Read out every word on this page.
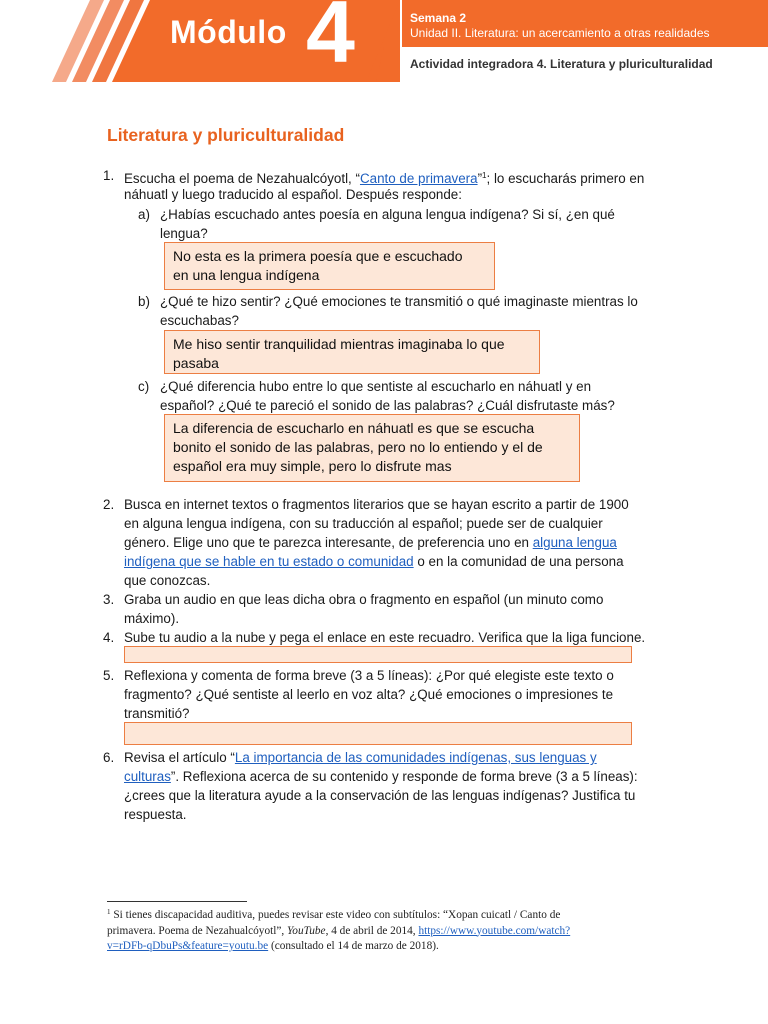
Módulo 4	Semana 2
Unidad II. Literatura: un acercamiento a otras realidades
Actividad integradora 4. Literatura y pluriculturalidad
Literatura y pluriculturalidad
1. Escucha el poema de Nezahualcóyotl, “Canto de primavera”$^1$; lo escucharás primero en
náhuatl y luego traducido al español. Después responde:
a) ¿Habías escuchado antes poesía en alguna lengua indígena? Si sí, ¿en qué
lengua?
No esta es la primera poesía que e escuchado
en una lengua indígena
b) ¿Qué te hizo sentir? ¿Qué emociones te transmitió o qué imaginaste mientras lo
escuchabas?
Me hiso sentir tranquilidad mientras imaginaba lo que
pasaba
c) ¿Qué diferencia hubo entre lo que sentiste al escucharlo en náhuatl y en
español? ¿Qué te pareció el sonido de las palabras? ¿Cuál disfrutaste más?
La diferencia de escucharlo en náhuatl es que se escucha
bonito el sonido de las palabras, pero no lo entiendo y el de
español era muy simple, pero lo disfrute mas
2. Busca en internet textos o fragmentos literarios que se hayan escrito a partir de 1900
en alguna lengua indígena, con su traducción al español; puede ser de cualquier
género. Elige uno que te parezca interesante, de preferencia uno en alguna lengua
indígena que se hable en tu estado o comunidad o en la comunidad de una persona
que conozcas.
3. Graba un audio en que leas dicha obra o fragmento en español (un minuto como
máximo).
4. Sube tu audio a la nube y pega el enlace en este recuadro. Verifica que la liga funcione.
5. Reflexiona y comenta de forma breve (3 a 5 líneas): ¿Por qué elegiste este texto o
fragmento? ¿Qué sentiste al leerlo en voz alta? ¿Qué emociones o impresiones te
transmitió?
6. Revisa el artículo “La importancia de las comunidades indígenas, sus lenguas y
culturas”. Reflexiona acerca de su contenido y responde de forma breve (3 a 5 líneas):
¿crees que la literatura ayude a la conservación de las lenguas indígenas? Justifica tu
respuesta.
$^1$ Si tienes discapacidad auditiva, puedes revisar este video con subtítulos: “Xopan cuicatl / Canto de
primavera. Poema de Nezahualcóyotl”, YouTube, 4 de abril de 2014, https://www.youtube.com/watch?
v=rDFb-qDbuPs&feature=youtu.be (consultado el 14 de marzo de 2018).
